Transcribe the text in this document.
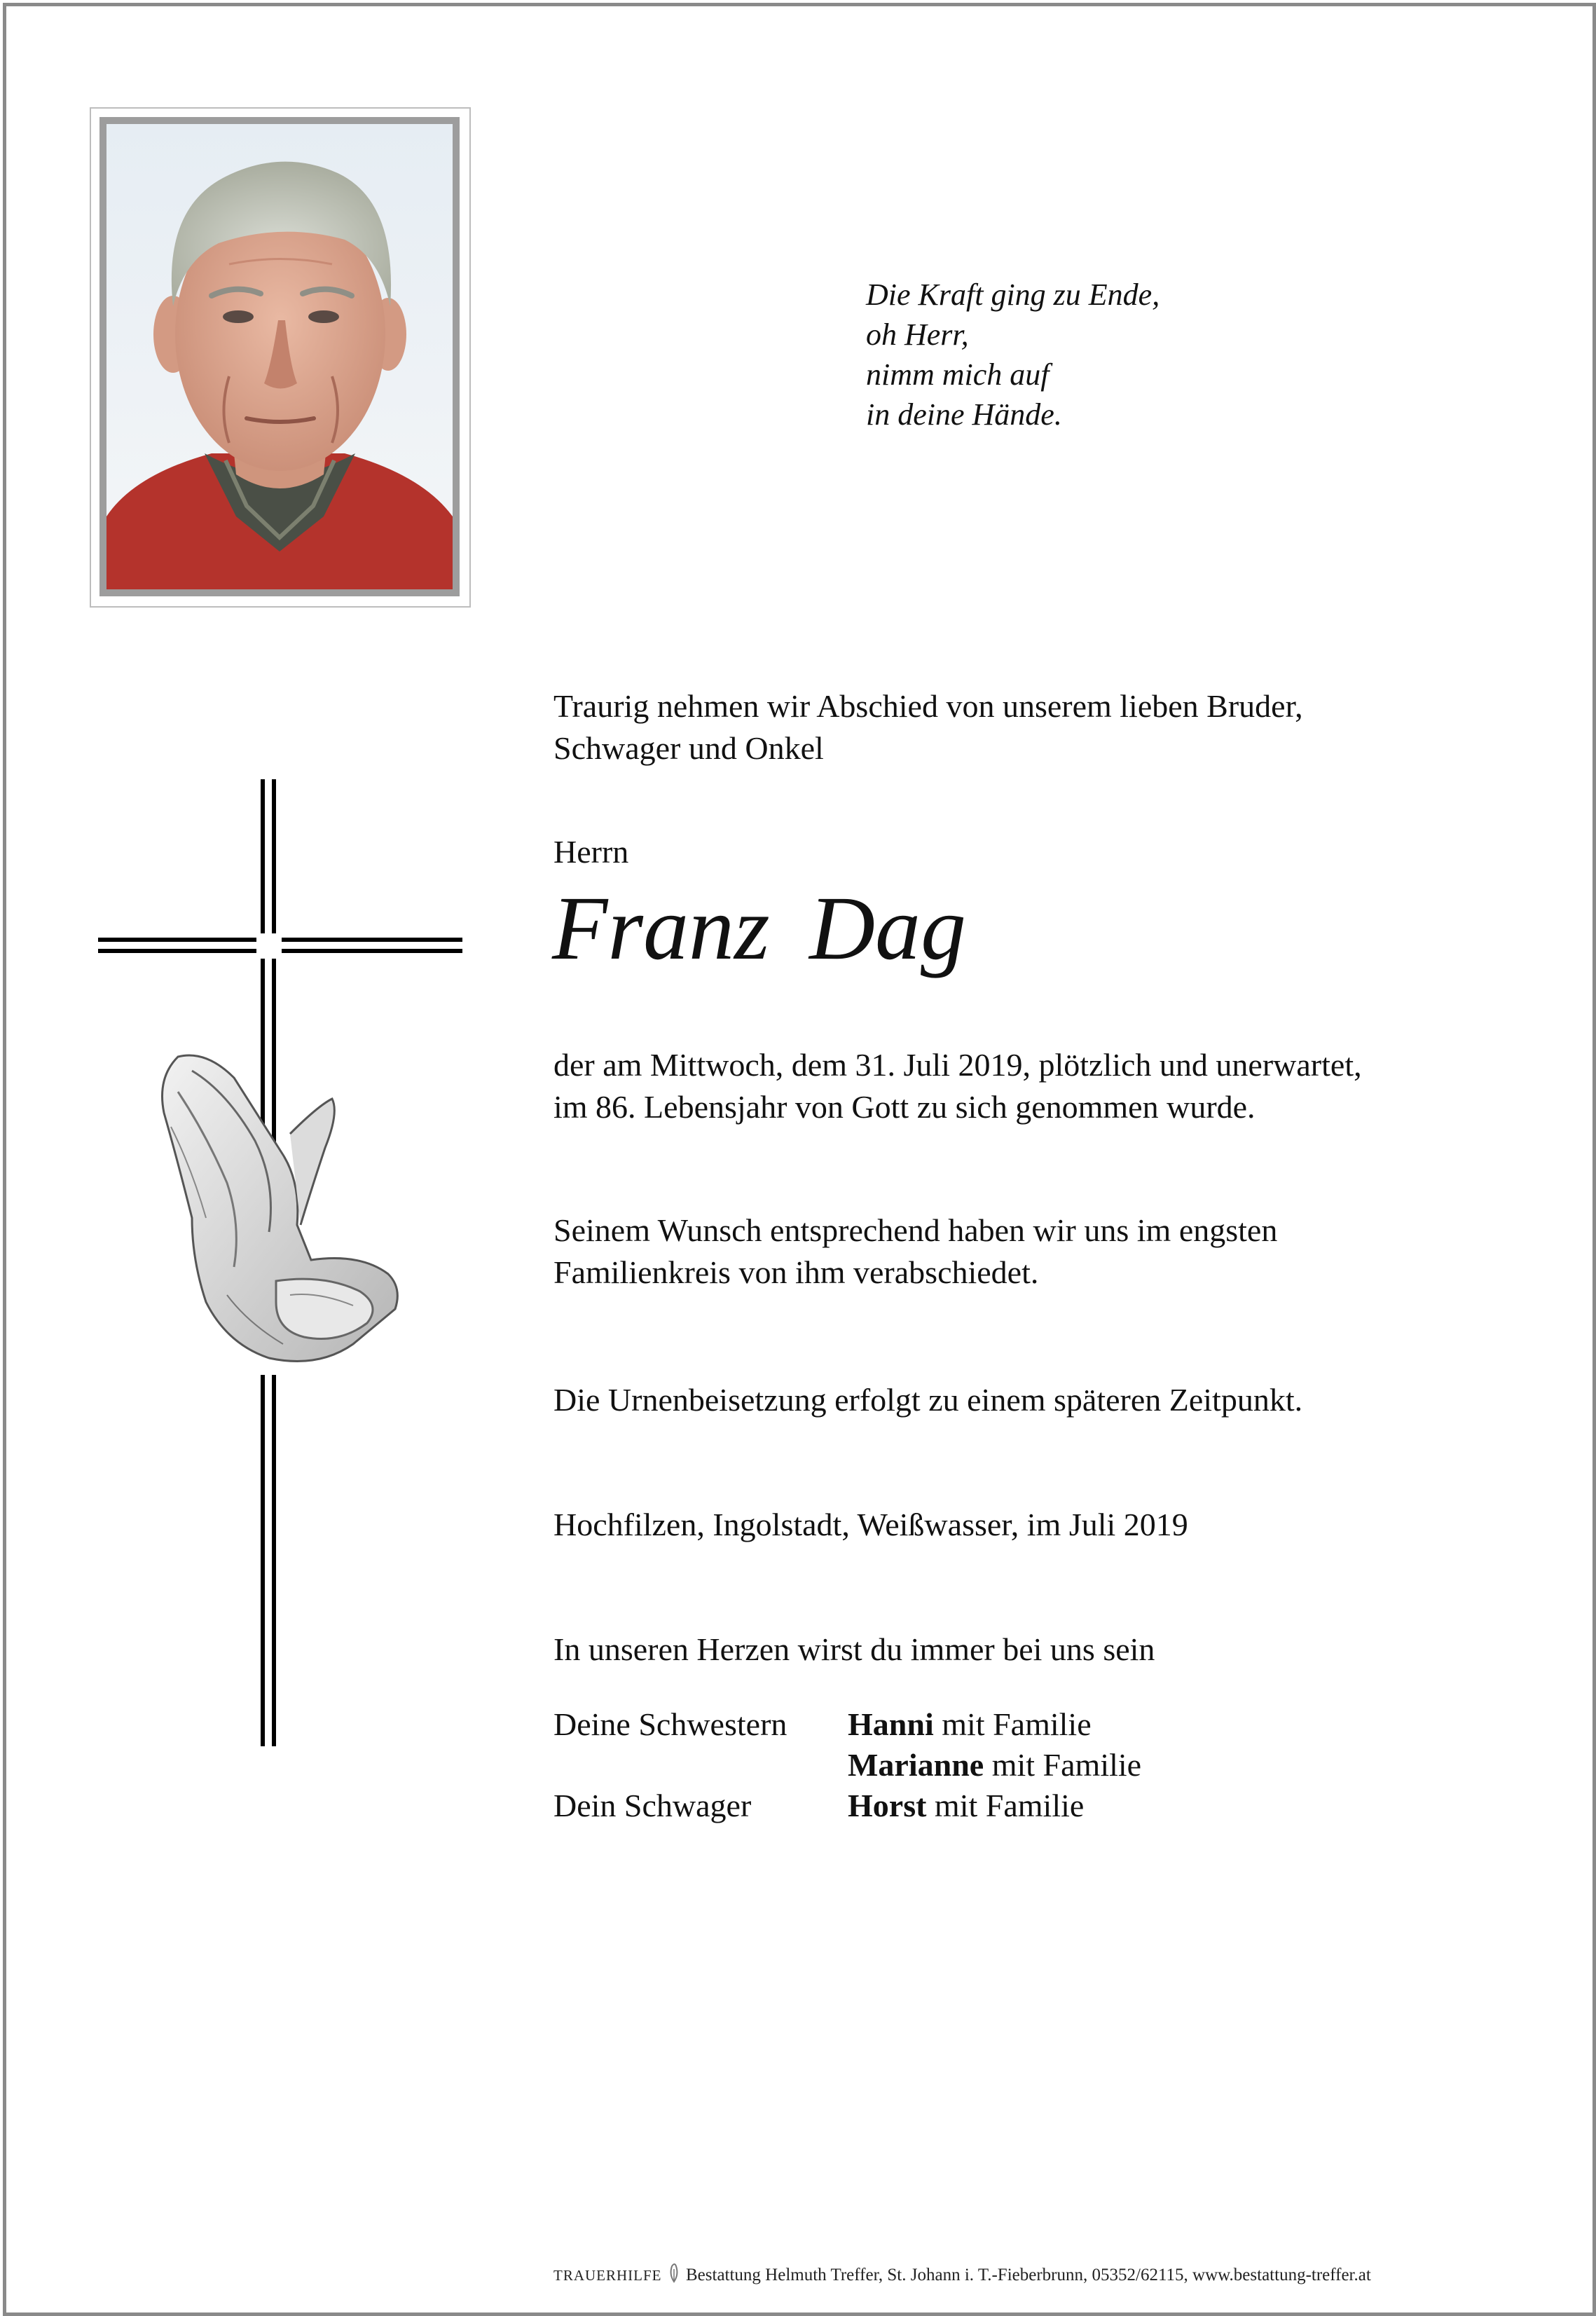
Die Kraft ging zu Ende,
oh Herr,
nimm mich auf
in deine Hände.
Traurig nehmen wir Abschied von unserem lieben Bruder,
Schwager und Onkel
Herrn
Franz Dag
der am Mittwoch, dem 31. Juli 2019, plötzlich und unerwartet,
im 86. Lebensjahr von Gott zu sich genommen wurde.
Seinem Wunsch entsprechend haben wir uns im engsten
Familienkreis von ihm verabschiedet.
Die Urnenbeisetzung erfolgt zu einem späteren Zeitpunkt.
Hochfilzen, Ingolstadt, Weißwasser, im Juli 2019
In unseren Herzen wirst du immer bei uns sein
Deine Schwestern Hanni mit Familie
Marianne mit Familie
Dein Schwager	Horst mit Familie
TRAUERHILFE  Bestattung Helmuth Treffer, St. Johann i. T.-Fieberbrunn, 05352/62115, www.bestattung-treffer.at
